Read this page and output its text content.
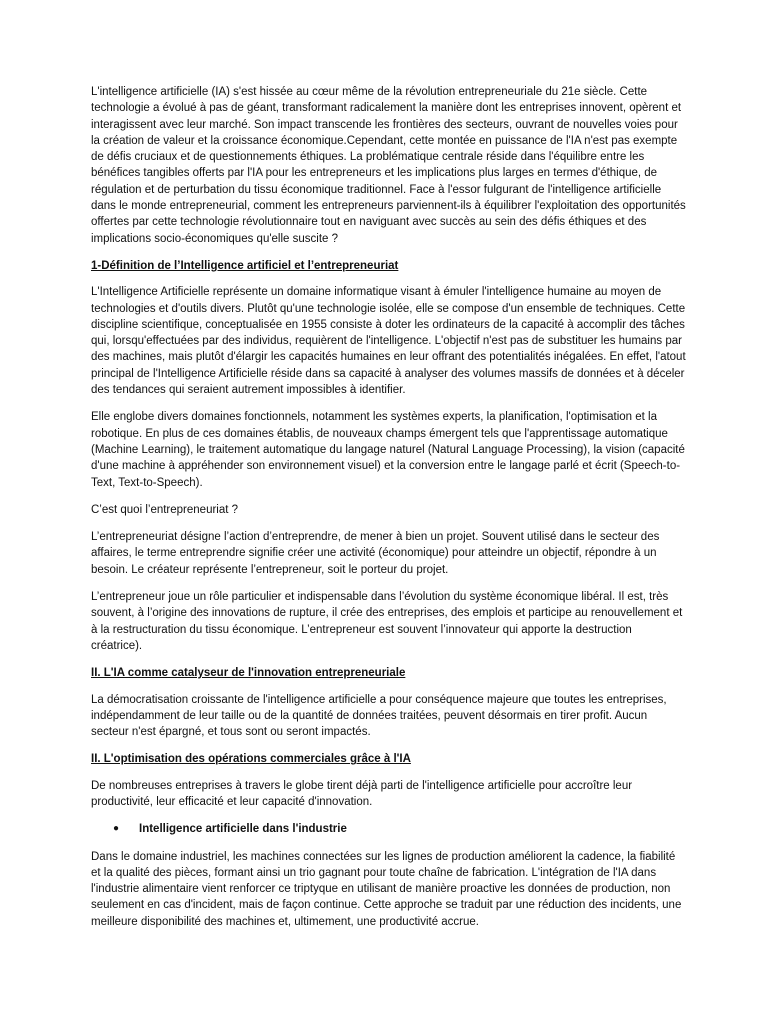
L'intelligence artificielle (IA) s'est hissée au cœur même de la révolution entrepreneuriale du 21e siècle. Cette technologie a évolué à pas de géant, transformant radicalement la manière dont les entreprises innovent, opèrent et interagissent avec leur marché. Son impact transcende les frontières des secteurs, ouvrant de nouvelles voies pour la création de valeur et la croissance économique.Cependant, cette montée en puissance de l'IA n'est pas exempte de défis cruciaux et de questionnements éthiques. La problématique centrale réside dans l'équilibre entre les bénéfices tangibles offerts par l'IA pour les entrepreneurs et les implications plus larges en termes d'éthique, de régulation et de perturbation du tissu économique traditionnel. Face à l'essor fulgurant de l'intelligence artificielle dans le monde entrepreneurial, comment les entrepreneurs parviennent-ils à équilibrer l'exploitation des opportunités offertes par cette technologie révolutionnaire tout en naviguant avec succès au sein des défis éthiques et des implications socio-économiques qu'elle suscite ?

1-Définition de l’Intelligence artificiel et l’entrepreneuriat

L'Intelligence Artificielle représente un domaine informatique visant à émuler l'intelligence humaine au moyen de technologies et d'outils divers. Plutôt qu'une technologie isolée, elle se compose d'un ensemble de techniques. Cette discipline scientifique, conceptualisée en 1955 consiste à doter les ordinateurs de la capacité à accomplir des tâches qui, lorsqu'effectuées par des individus, requièrent de l'intelligence. L'objectif n'est pas de substituer les humains par des machines, mais plutôt d'élargir les capacités humaines en leur offrant des potentialités inégalées. En effet, l'atout principal de l'Intelligence Artificielle réside dans sa capacité à analyser des volumes massifs de données et à déceler des tendances qui seraient autrement impossibles à identifier.

Elle englobe divers domaines fonctionnels, notamment les systèmes experts, la planification, l'optimisation et la robotique. En plus de ces domaines établis, de nouveaux champs émergent tels que l'apprentissage automatique (Machine Learning), le traitement automatique du langage naturel (Natural Language Processing), la vision (capacité d'une machine à appréhender son environnement visuel) et la conversion entre le langage parlé et écrit (Speech-to-Text, Text-to-Speech).

C’est quoi l’entrepreneuriat ?

L’entrepreneuriat désigne l’action d’entreprendre, de mener à bien un projet. Souvent utilisé dans le secteur des affaires, le terme entreprendre signifie créer une activité (économique) pour atteindre un objectif, répondre à un besoin. Le créateur représente l’entrepreneur, soit le porteur du projet.

L’entrepreneur joue un rôle particulier et indispensable dans l’évolution du système économique libéral. Il est, très souvent, à l’origine des innovations de rupture, il crée des entreprises, des emplois et participe au renouvellement et à la restructuration du tissu économique. L’entrepreneur est souvent l’innovateur qui apporte la destruction créatrice).

II. L'IA comme catalyseur de l'innovation entrepreneuriale

La démocratisation croissante de l'intelligence artificielle a pour conséquence majeure que toutes les entreprises, indépendamment de leur taille ou de la quantité de données traitées, peuvent désormais en tirer profit. Aucun secteur n'est épargné, et tous sont ou seront impactés.

II. L'optimisation des opérations commerciales grâce à l'IA

De nombreuses entreprises à travers le globe tirent déjà parti de l'intelligence artificielle pour accroître leur productivité, leur efficacité et leur capacité d'innovation.

●	Intelligence artificielle dans l'industrie

Dans le domaine industriel, les machines connectées sur les lignes de production améliorent la cadence, la fiabilité et la qualité des pièces, formant ainsi un trio gagnant pour toute chaîne de fabrication. L'intégration de l'IA dans l'industrie alimentaire vient renforcer ce triptyque en utilisant de manière proactive les données de production, non seulement en cas d'incident, mais de façon continue. Cette approche se traduit par une réduction des incidents, une meilleure disponibilité des machines et, ultimement, une productivité accrue.
